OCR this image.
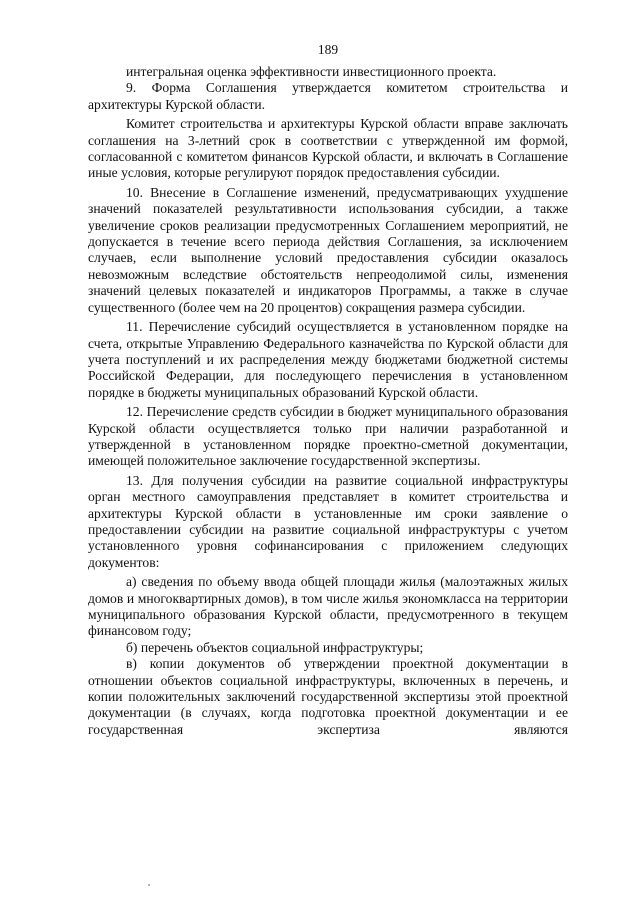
189

интегральная оценка эффективности инвестиционного проекта.

9. Форма Соглашения утверждается комитетом строительства и архитектуры Курской области.

Комитет строительства и архитектуры Курской области вправе заключать соглашения на 3-летний срок в соответствии с утвержденной им формой, согласованной с комитетом финансов Курской области, и включать в Соглашение иные условия, которые регулируют порядок предоставления субсидии.

10. Внесение в Соглашение изменений, предусматривающих ухудшение значений показателей результативности использования субсидии, а также увеличение сроков реализации предусмотренных Соглашением мероприятий, не допускается в течение всего периода действия Соглашения, за исключением случаев, если выполнение условий предоставления субсидии оказалось невозможным вследствие обстоятельств непреодолимой силы, изменения значений целевых показателей и индикаторов Программы, а также в случае существенного (более чем на 20 процентов) сокращения размера субсидии.

11. Перечисление субсидий осуществляется в установленном порядке на счета, открытые Управлению Федерального казначейства по Курской области для учета поступлений и их распределения между бюджетами бюджетной системы Российской Федерации, для последующего перечисления в установленном порядке в бюджеты муниципальных образований Курской области.

12. Перечисление средств субсидии в бюджет муниципального образования Курской области осуществляется только при наличии разработанной и утвержденной в установленном порядке проектно-сметной документации, имеющей положительное заключение государственной экспертизы.

13. Для получения субсидии на развитие социальной инфраструктуры орган местного самоуправления представляет в комитет строительства и архитектуры Курской области в установленные им сроки заявление о предоставлении субсидии на развитие социальной инфраструктуры с учетом установленного уровня софинансирования с приложением следующих документов:

а) сведения по объему ввода общей площади жилья (малоэтажных жилых домов и многоквартирных домов), в том числе жилья экономкласса на территории муниципального образования Курской области, предусмотренного в текущем финансовом году;

б) перечень объектов социальной инфраструктуры;

в) копии документов об утверждении проектной документации в отношении объектов социальной инфраструктуры, включенных в перечень, и копии положительных заключений государственной экспертизы этой проектной документации (в случаях, когда подготовка проектной документации и ее государственная экспертиза являются
